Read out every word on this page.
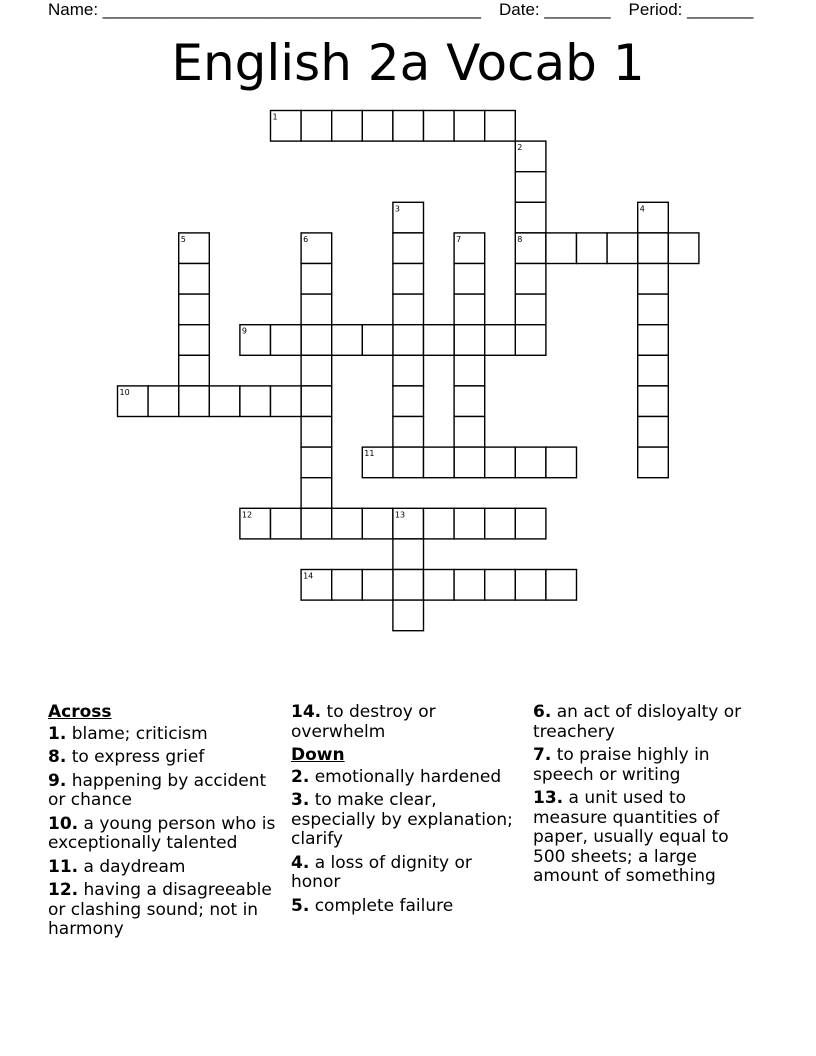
Name: ________________________________________ Date: _______ Period: _______
English 2a Vocab 1
1
2
3	4
5	6	7	8
9
10
11
12	13
14
Across
1. blame; criticism
8. to express grief
9. happening by accident or chance
10. a young person who is exceptionally talented
11. a daydream
12. having a disagreeable or clashing sound; not in harmony
14. to destroy or overwhelm
Down
2. emotionally hardened
3. to make clear, especially by explanation; clarify
4. a loss of dignity or honor
5. complete failure
6. an act of disloyalty or treachery
7. to praise highly in speech or writing
13. a unit used to measure quantities of paper, usually equal to 500 sheets; a large amount of something
